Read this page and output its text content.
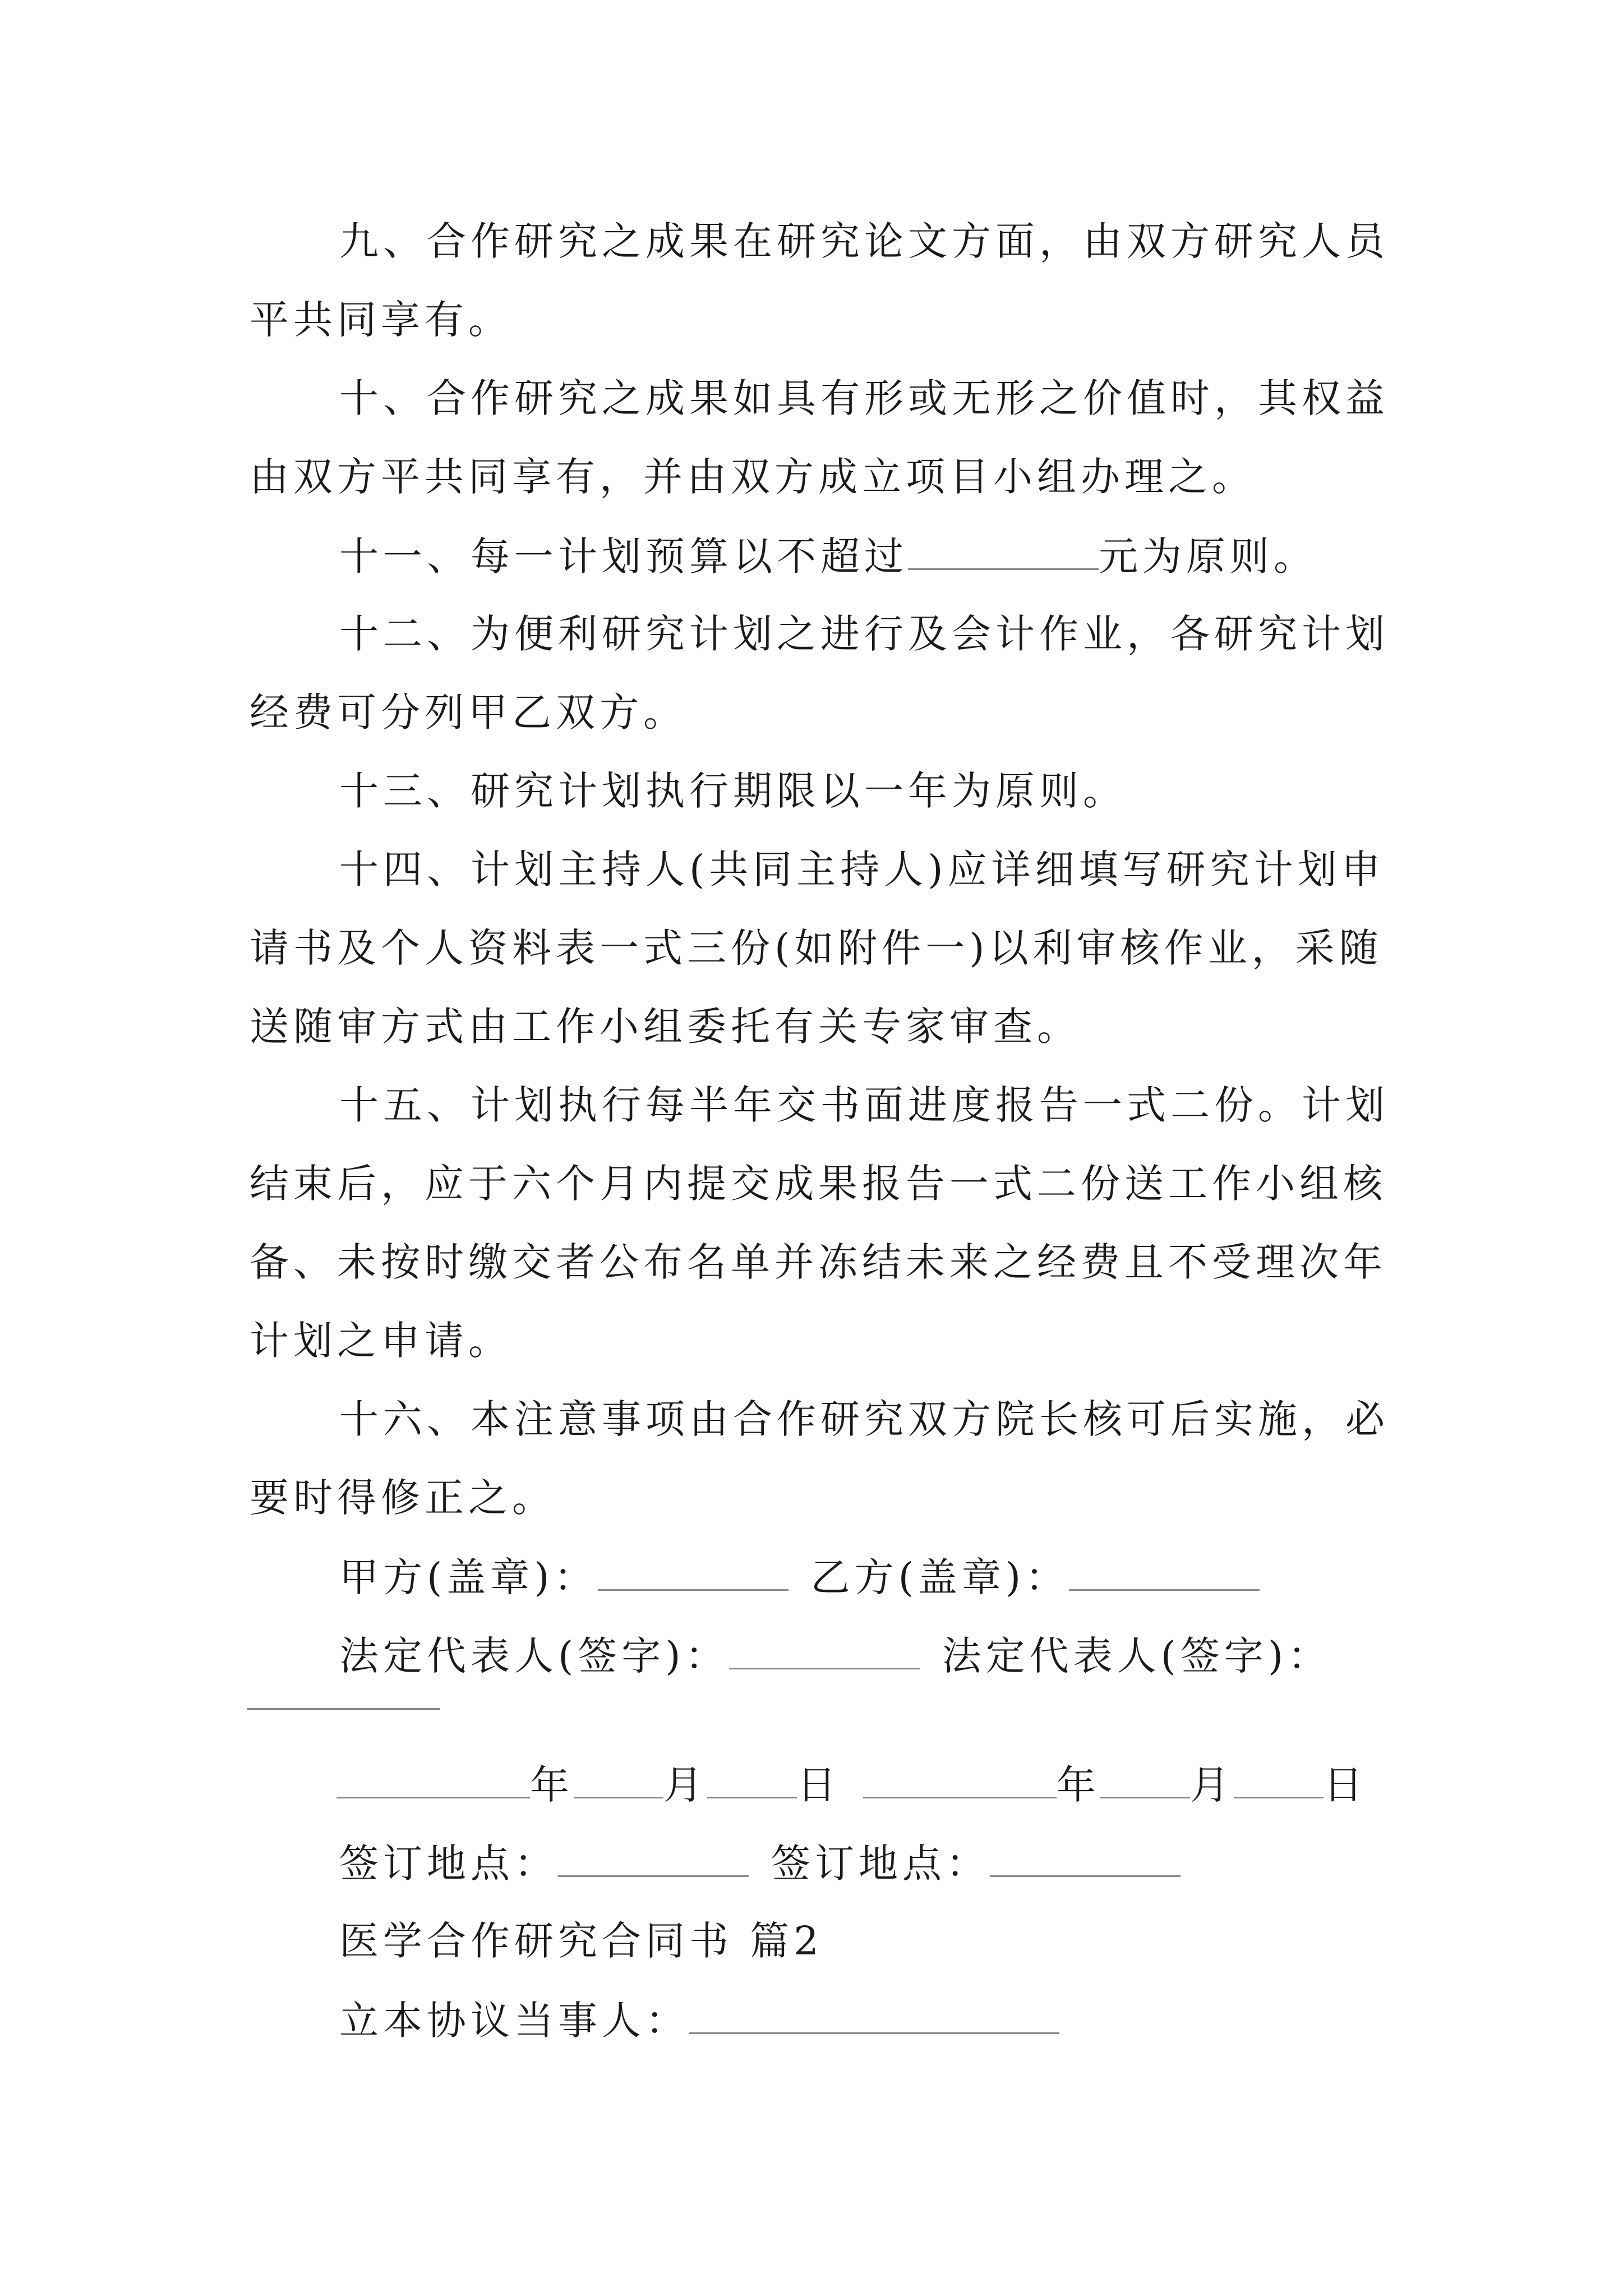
九、合作研究之成果在研究论文方面，由双方研究人员
平共同享有。
十、合作研究之成果如具有形或无形之价值时，其权益
由双方平共同享有，并由双方成立项目小组办理之。
十一、每一计划预算以不超过	元为原则。
十二、为便利研究计划之进行及会计作业，各研究计划
经费可分列甲乙双方。
十三、研究计划执行期限以一年为原则。
十四、计划主持人(共同主持人)应详细填写研究计划申
请书及个人资料表一式三份(如附件一)以利审核作业，采随
送随审方式由工作小组委托有关专家审查。
十五、计划执行每半年交书面进度报告一式二份。计划
结束后，应于六个月内提交成果报告一式二份送工作小组核
备、未按时缴交者公布名单并冻结未来之经费且不受理次年
计划之申请。
十六、本注意事项由合作研究双方院长核可后实施，必
要时得修正之。
甲方(盖章)：	乙方(盖章)：
法定代表人(签字)：	法定代表人(签字)：
年 月 日	年 月 日
签订地点：	签订地点：
医学合作研究合同书 篇2
立本协议当事人：
